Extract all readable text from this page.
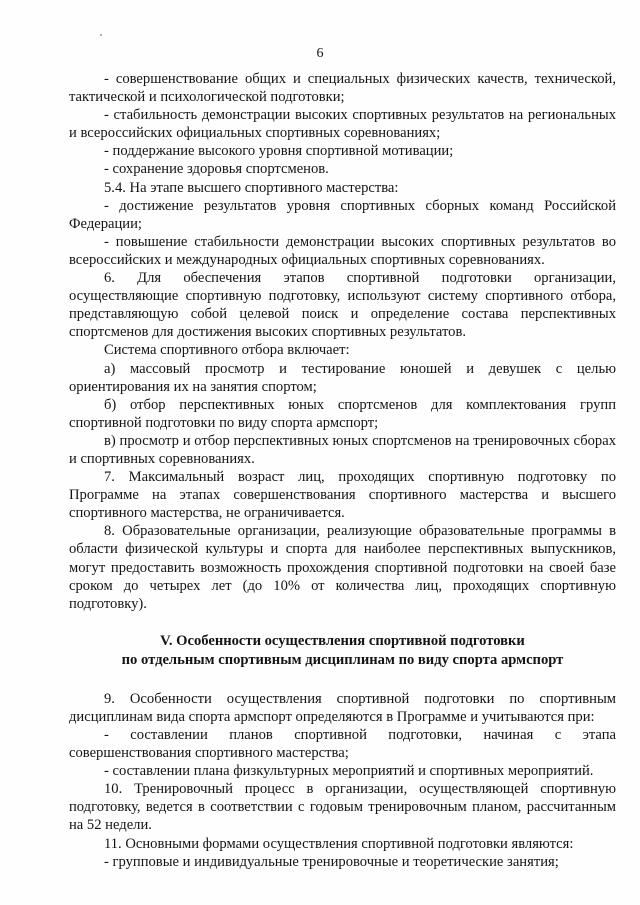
6

- совершенствование общих и специальных физических качеств, технической, тактической и психологической подготовки;

- стабильность демонстрации высоких спортивных результатов на региональных и всероссийских официальных спортивных соревнованиях;

- поддержание высокого уровня спортивной мотивации;

- сохранение здоровья спортсменов.

5.4. На этапе высшего спортивного мастерства:

- достижение результатов уровня спортивных сборных команд Российской Федерации;

- повышение стабильности демонстрации высоких спортивных результатов во всероссийских и международных официальных спортивных соревнованиях.

6. Для обеспечения этапов спортивной подготовки организации, осуществляющие спортивную подготовку, используют систему спортивного отбора, представляющую собой целевой поиск и определение состава перспективных спортсменов для достижения высоких спортивных результатов.

Система спортивного отбора включает:

а) массовый просмотр и тестирование юношей и девушек с целью ориентирования их на занятия спортом;

б) отбор перспективных юных спортсменов для комплектования групп спортивной подготовки по виду спорта армспорт;

в) просмотр и отбор перспективных юных спортсменов на тренировочных сборах и спортивных соревнованиях.

7. Максимальный возраст лиц, проходящих спортивную подготовку по Программе на этапах совершенствования спортивного мастерства и высшего спортивного мастерства, не ограничивается.

8. Образовательные организации, реализующие образовательные программы в области физической культуры и спорта для наиболее перспективных выпускников, могут предоставить возможность прохождения спортивной подготовки на своей базе сроком до четырех лет (до 10% от количества лиц, проходящих спортивную подготовку).

V. Особенности осуществления спортивной подготовки

по отдельным спортивным дисциплинам по виду спорта армспорт

9. Особенности осуществления спортивной подготовки по спортивным дисциплинам вида спорта армспорт определяются в Программе и учитываются при:

- составлении планов спортивной подготовки, начиная с этапа совершенствования спортивного мастерства;

- составлении плана физкультурных мероприятий и спортивных мероприятий.

10. Тренировочный процесс в организации, осуществляющей спортивную подготовку, ведется в соответствии с годовым тренировочным планом, рассчитанным на 52 недели.

11. Основными формами осуществления спортивной подготовки являются:

- групповые и индивидуальные тренировочные и теоретические занятия;
